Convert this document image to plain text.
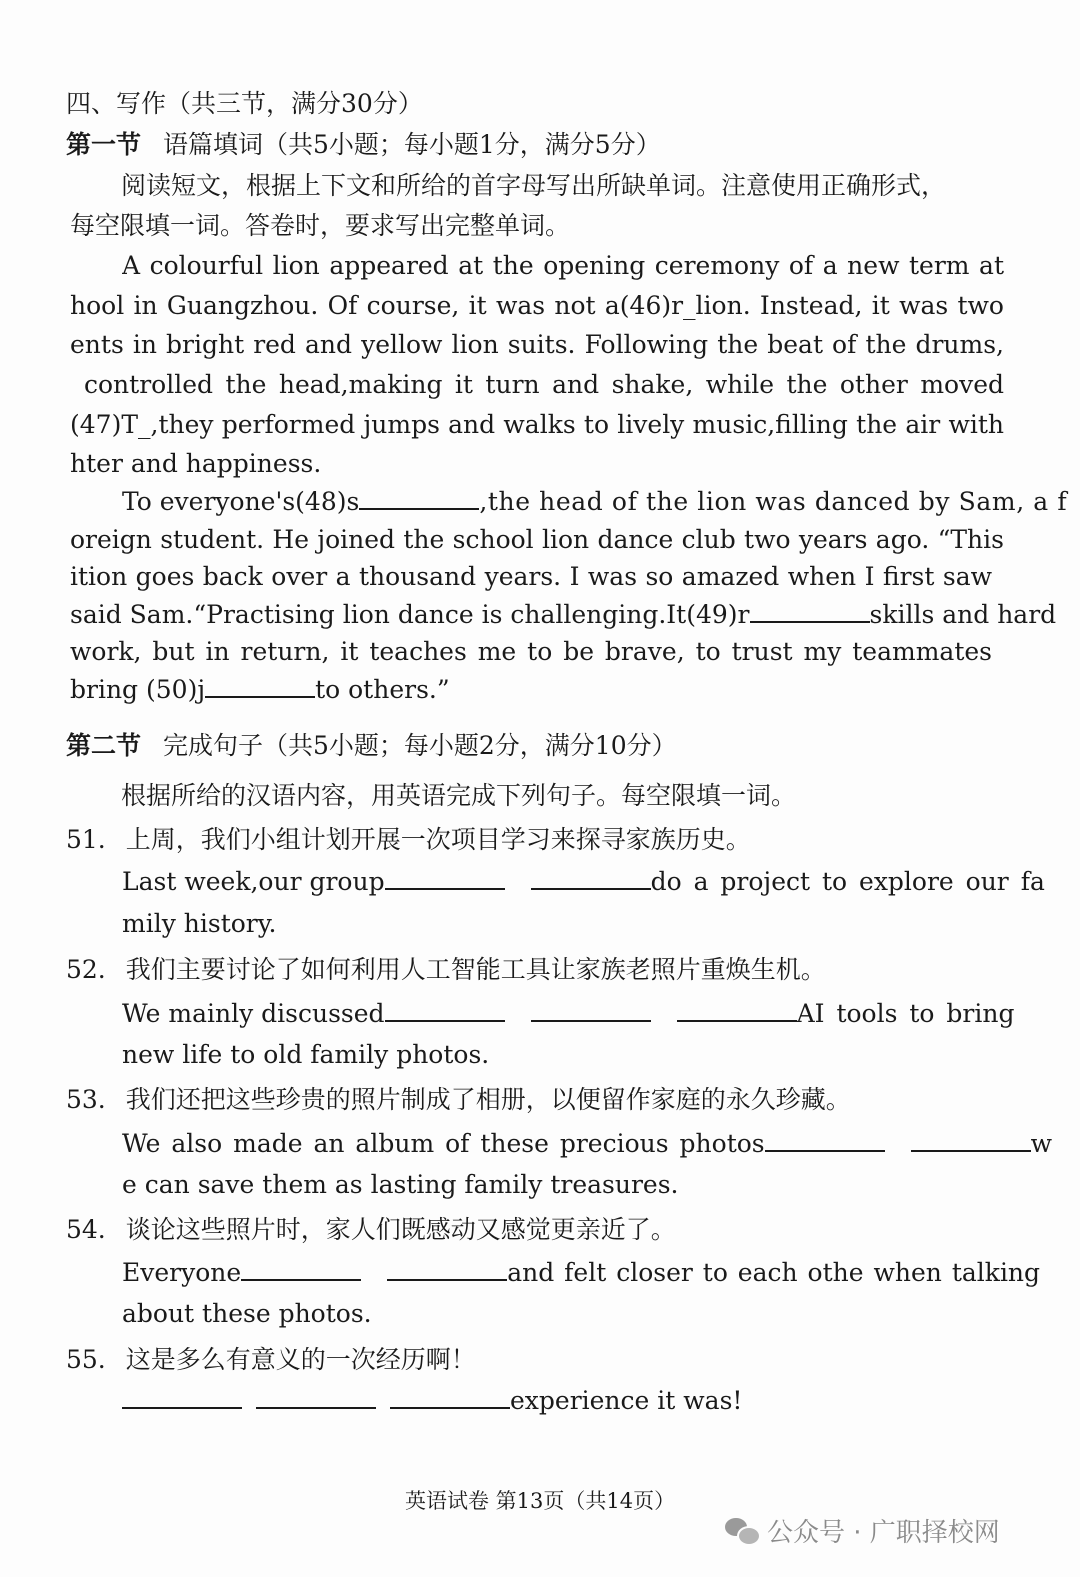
四、写作（共三节，满分30分）
第一节 语篇填词（共5小题；每小题1分，满分5分）
阅读短文，根据上下文和所给的首字母写出所缺单词。注意使用正确形式，
每空限填一词。答卷时，要求写出完整单词。
A colourful lion appeared at the opening ceremony of a new term at
hool in Guangzhou. Of course, it was not a(46)r_lion. Instead, it was two
ents in bright red and yellow lion suits. Following the beat of the drums,
controlled the head,making it turn and shake, while the other moved
(47)T_,they performed jumps and walks to lively music,filling the air with
hter and happiness.
To everyone's(48)s	,the head of the lion was danced by Sam, a f
oreign student. He joined the school lion dance club two years ago. “This
ition goes back over a thousand years. I was so amazed when I first saw
said Sam.“Practising lion dance is challenging.It(49)r	skills and hard
work, but in return, it teaches me to be brave, to trust my teammates
bring (50)j	to others.”
第二节 完成句子（共5小题；每小题2分，满分10分）
根据所给的汉语内容，用英语完成下列句子。每空限填一词。
51. 上周，我们小组计划开展一次项目学习来探寻家族历史。
Last week,our group	do a project to explore our fa
mily history.
52. 我们主要讨论了如何利用人工智能工具让家族老照片重焕生机。
We mainly discussed	AI tools to bring
new life to old family photos.
53. 我们还把这些珍贵的照片制成了相册，以便留作家庭的永久珍藏。
We also made an album of these precious photos	w
e can save them as lasting family treasures.
54. 谈论这些照片时，家人们既感动又感觉更亲近了。
Everyone	and felt closer to each othe when talking
about these photos.
55. 这是多么有意义的一次经历啊！
experience it was!
英语试卷 第13页（共14页）
公众号 · 广职择校网
